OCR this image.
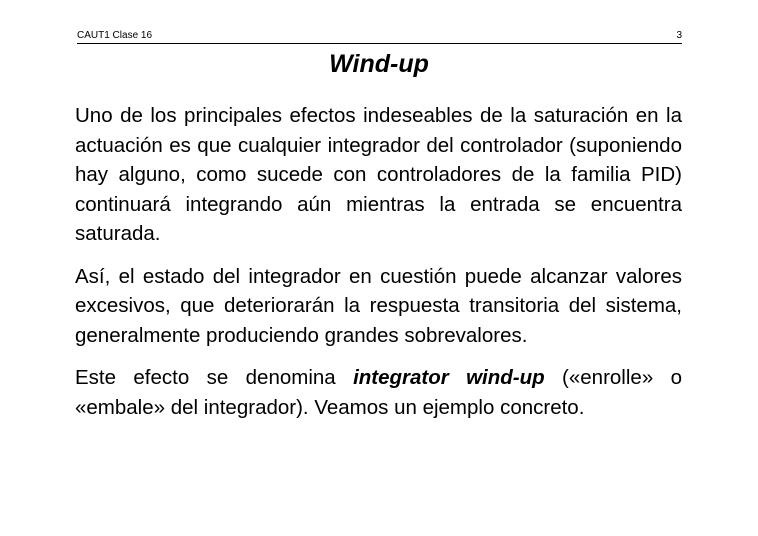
CAUT1 Clase 16	3
Wind-up

Uno de los principales efectos indeseables de la saturación en la actuación es que cualquier integrador del controlador (suponiendo hay alguno, como sucede con controladores de la familia PID) continuará integrando aún mientras la entrada se encuentra saturada.

Así, el estado del integrador en cuestión puede alcanzar valores excesivos, que deteriorarán la respuesta transitoria del sistema, generalmente produciendo grandes sobrevalores.

Este efecto se denomina integrator wind-up («enrolle» o «embale» del integrador). Veamos un ejemplo concreto.
